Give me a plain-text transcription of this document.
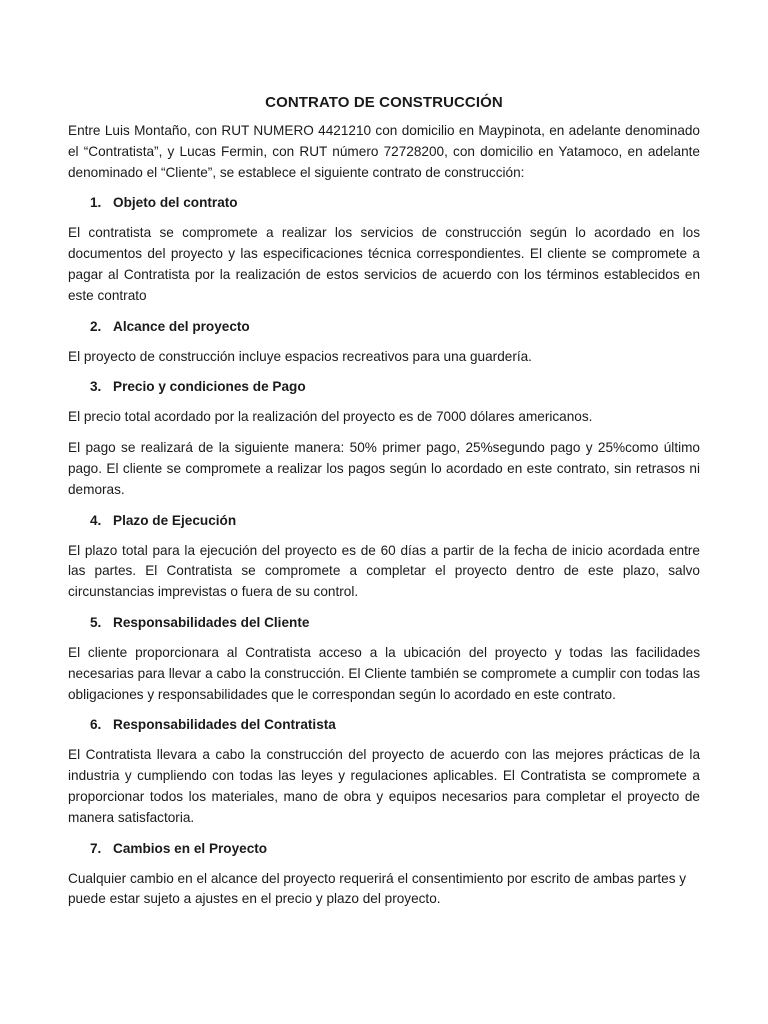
CONTRATO DE CONSTRUCCIÓN

Entre Luis Montaño, con RUT NUMERO 4421210 con domicilio en Maypinota, en adelante denominado el “Contratista”, y Lucas Fermin, con RUT número 72728200, con domicilio en Yatamoco, en adelante denominado el “Cliente”, se establece el siguiente contrato de construcción:

1. Objeto del contrato

El contratista se compromete a realizar los servicios de construcción según lo acordado en los documentos del proyecto y las especificaciones técnica correspondientes. El cliente se compromete a pagar al Contratista por la realización de estos servicios de acuerdo con los términos establecidos en este contrato

2. Alcance del proyecto

El proyecto de construcción incluye espacios recreativos para una guardería.

3. Precio y condiciones de Pago

El precio total acordado por la realización del proyecto es de 7000 dólares americanos.

El pago se realizará de la siguiente manera: 50% primer pago, 25%segundo pago y 25%como último pago. El cliente se compromete a realizar los pagos según lo acordado en este contrato, sin retrasos ni demoras.

4. Plazo de Ejecución

El plazo total para la ejecución del proyecto es de 60 días a partir de la fecha de inicio acordada entre las partes. El Contratista se compromete a completar el proyecto dentro de este plazo, salvo circunstancias imprevistas o fuera de su control.

5. Responsabilidades del Cliente

El cliente proporcionara al Contratista acceso a la ubicación del proyecto y todas las facilidades necesarias para llevar a cabo la construcción. El Cliente también se compromete a cumplir con todas las obligaciones y responsabilidades que le correspondan según lo acordado en este contrato.

6. Responsabilidades del Contratista

El Contratista llevara a cabo la construcción del proyecto de acuerdo con las mejores prácticas de la industria y cumpliendo con todas las leyes y regulaciones aplicables. El Contratista se compromete a proporcionar todos los materiales, mano de obra y equipos necesarios para completar el proyecto de manera satisfactoria.

7. Cambios en el Proyecto

Cualquier cambio en el alcance del proyecto requerirá el consentimiento por escrito de ambas partes y puede estar sujeto a ajustes en el precio y plazo del proyecto.
